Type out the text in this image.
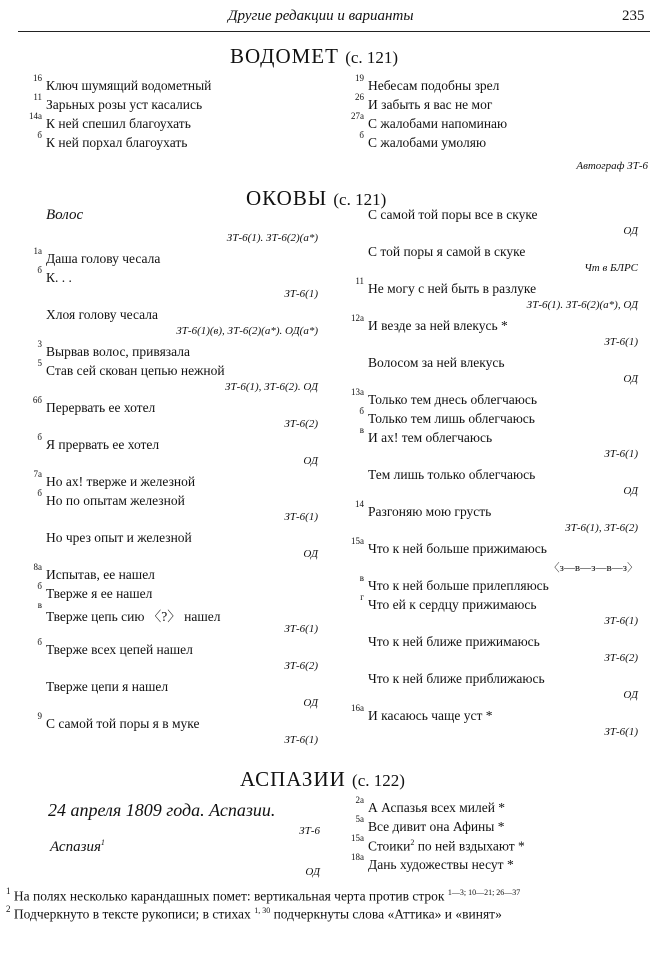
Другие редакции и варианты	235
ВОДОМЕТ (с. 121)
16 Ключ шумящий водометный
11 Зарьных розы уст касались
14а К ней спешил благоухать
б К ней порхал благоухать
19 Небесам подобны зрел
26 И забыть я вас не мог
27а С жалобами напоминаю
б С жалобами умоляю
Автограф ЗТ-6
ОКОВЫ (с. 121)
Волос
ЗТ-6(1). ЗТ-6(2)(а*)
1а Даша голову чесала
б К. . .
ЗТ-6(1)
Хлоя голову чесала
ЗТ-6(1)(в), ЗТ-6(2)(а*). ОД(а*)
3 Вырвав волос, привязала
5 Став сей скован цепью нежной
ЗТ-6(1), ЗТ-6(2). ОД
6б Перервать ее хотел
ЗТ-6(2)
б Я прервать ее хотел
ОД
7а Но ах! тверже и железной
б Но по опытам железной
ЗТ-6(1)
Но чрез опыт и железной
ОД
8а Испытав, ее нашел
б Тверже я ее нашел
в
Тверже цепь сию 〈?〉 нашел
ЗТ-6(1)
б Тверже всех цепей нашел
ЗТ-6(2)
Тверже цепи я нашел
ОД
9 С самой той поры я в муке
ЗТ-6(1)
С самой той поры все в скуке
ОД
С той поры я самой в скуке
Чт в БЛРС
11 Не могу с ней быть в разлуке
ЗТ-6(1). ЗТ-6(2)(а*), ОД
12а И везде за ней влекусь *
ЗТ-6(1)
Волосом за ней влекусь
ОД
13а Только тем днесь облегчаюсь
б Только тем лишь облегчаюсь
в И ах! тем облегчаюсь
ЗТ-6(1)
Тем лишь только облегчаюсь
ОД
14 Разгоняю мою грусть
ЗТ-6(1), ЗТ-6(2)
15а Что к ней больше прижимаюсь
〈з—в—з—в—з〉
в Что к ней больше прилепляюсь
г Что ей к сердцу прижимаюсь
ЗТ-6(1)
Что к ней ближе прижимаюсь
ЗТ-6(2)
Что к ней ближе приближаюсь
ОД
16а И касаюсь чаще уст *
ЗТ-6(1)
АСПАЗИИ (с. 122)
24 апреля 1809 года. Аспазии.
ЗТ-6
Аспазия$^1$
ОД
2а А Аспазья всех милей *
5а Все дивит она Афины *
15а
Стоики$^2$ по ней вздыхают *
18а Дань художествы несут *
$^1$ На полях несколько карандашных помет: вертикальная черта против строк $^{1—3; 10—21; 26—37}$
$^2$ Подчеркнуто в тексте рукописи; в стихах $^{1, 30}$ подчеркнуты слова «Аттика» и «винят»
